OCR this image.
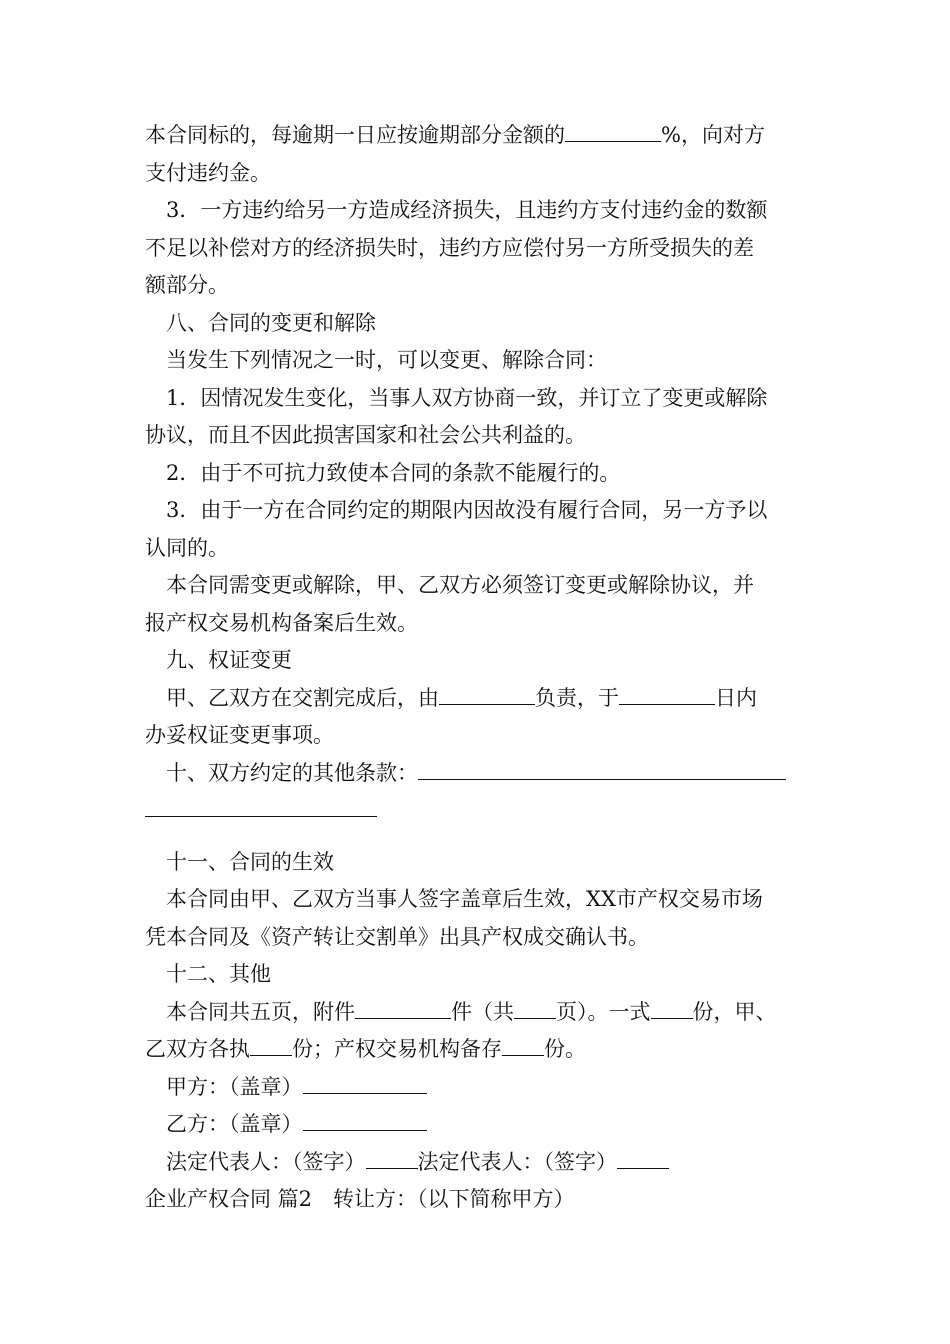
本合同标的，每逾期一日应按逾期部分金额的	%，向对方
支付违约金。
3．一方违约给另一方造成经济损失，且违约方支付违约金的数额
不足以补偿对方的经济损失时，违约方应偿付另一方所受损失的差
额部分。
八、合同的变更和解除
当发生下列情况之一时，可以变更、解除合同：
1．因情况发生变化，当事人双方协商一致，并订立了变更或解除
协议，而且不因此损害国家和社会公共利益的。
2．由于不可抗力致使本合同的条款不能履行的。
3．由于一方在合同约定的期限内因故没有履行合同，另一方予以
认同的。
本合同需变更或解除，甲、乙双方必须签订变更或解除协议，并
报产权交易机构备案后生效。
九、权证变更
甲、乙双方在交割完成后，由	负责，于	日内
办妥权证变更事项。
十、双方约定的其他条款：
十一、合同的生效
本合同由甲、乙双方当事人签字盖章后生效，XX市产权交易市场
凭本合同及《资产转让交割单》出具产权成交确认书。
十二、其他
本合同共五页，附件	件（共 页）。一式 份，甲、
乙双方各执 份；产权交易机构备存 份。
甲方：（盖章）
乙方：（盖章）
法定代表人：（签字） 法定代表人：（签字）
企业产权合同 篇2　转让方：（以下简称甲方）
